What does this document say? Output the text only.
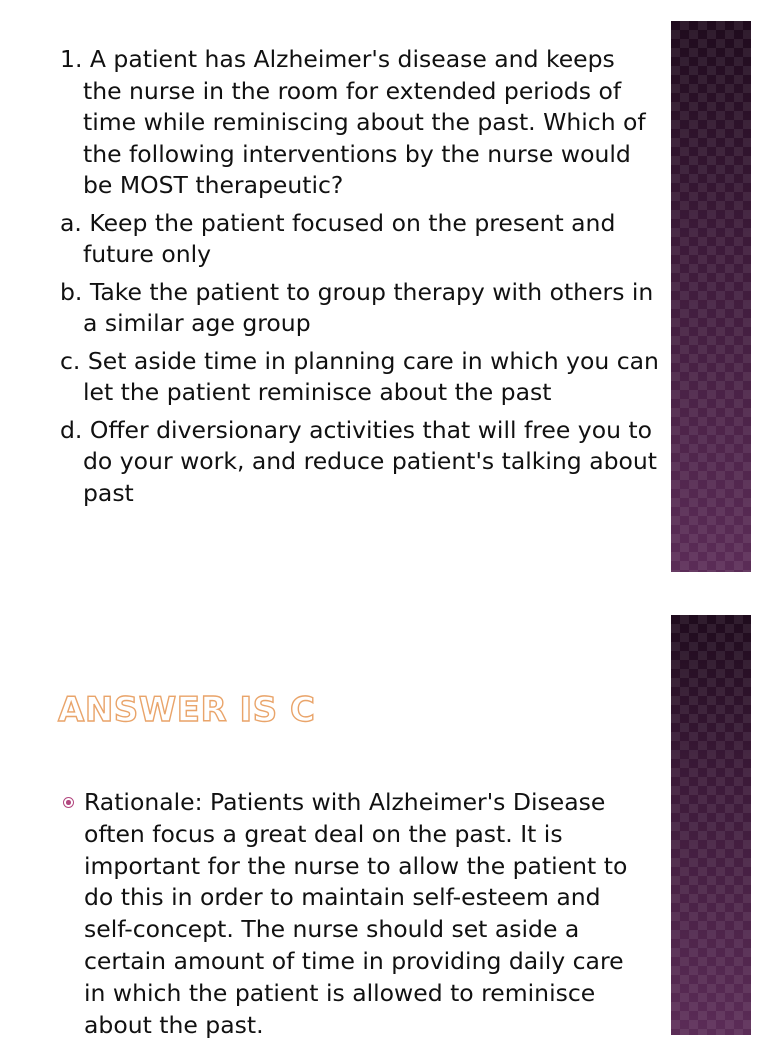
1. A patient has Alzheimer's disease and keeps the nurse in the room for extended periods of time while reminiscing about the past. Which of the following interventions by the nurse would be MOST therapeutic?
a. Keep the patient focused on the present and future only
b. Take the patient to group therapy with others in a similar age group
c. Set aside time in planning care in which you can let the patient reminisce about the past
d. Offer diversionary activities that will free you to do your work, and reduce patient's talking about past
ANSWER IS C
Rationale: Patients with Alzheimer's Disease often focus a great deal on the past. It is important for the nurse to allow the patient to do this in order to maintain self-esteem and self-concept. The nurse should set aside a certain amount of time in providing daily care in which the patient is allowed to reminisce about the past.
